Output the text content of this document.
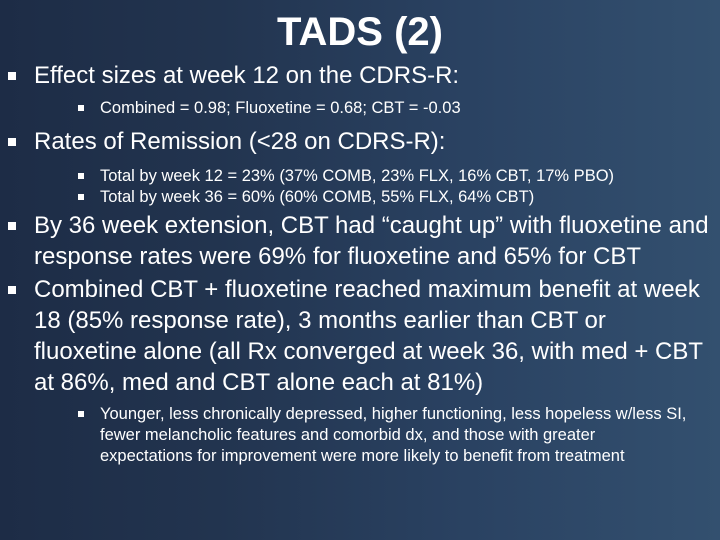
TADS (2)
Effect sizes at week 12 on the CDRS-R:
Combined = 0.98; Fluoxetine = 0.68; CBT = -0.03
Rates of Remission (<28 on CDRS-R):
Total by week 12 = 23% (37% COMB, 23% FLX, 16% CBT, 17% PBO)
Total by week 36 = 60% (60% COMB, 55% FLX, 64% CBT)
By 36 week extension, CBT had “caught up” with fluoxetine and response rates were 69% for fluoxetine and 65% for CBT
Combined CBT + fluoxetine reached maximum benefit at week 18 (85% response rate), 3 months earlier than CBT or fluoxetine alone (all Rx converged at week 36, with med + CBT at 86%, med and CBT alone each at 81%)
Younger, less chronically depressed, higher functioning, less hopeless w/less SI, fewer melancholic features and comorbid dx, and those with greater expectations for improvement were more likely to benefit from treatment
